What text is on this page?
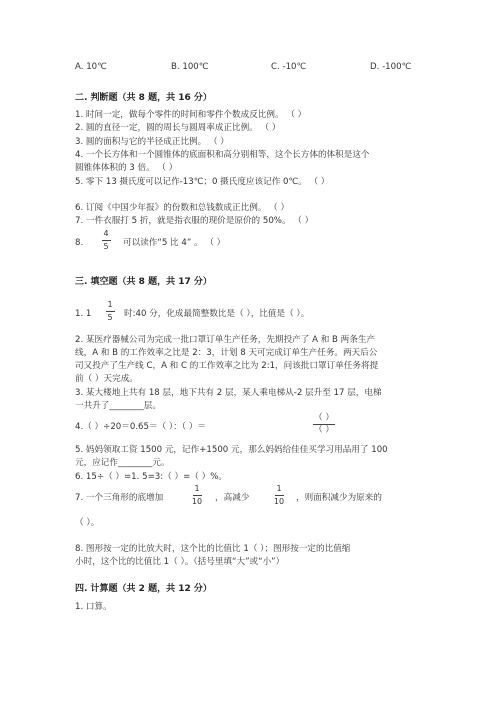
A. 10℃	B. 100℃	C. -10℃	D. -100℃
二. 判断题（共 8 题，共 16 分）
1. 时间一定，做每个零件的时间和零件个数成反比例。 （ ）
2. 圆的直径一定，圆的周长与圆周率成正比例。 （ ）
3. 圆的面积与它的半径成正比例。 （ ）
4. 一个长方体和一个圆锥体的底面积和高分别相等，这个长方体的体积是这个
圆锥体体积的 3 倍。 （ ）
5. 零下 13 摄氏度可以记作-13℃；0 摄氏度应该记作 0℃。 （ ）
6. 订阅《中国少年报》的份数和总钱数成正比例。 （ ）
7. 一件衣服打 5 折，就是指衣服的现价是原价的 50%。 （ ）
8.
4
5 可以读作“5 比 4” 。 （ ）
三. 填空题（共 8 题，共 17 分）
1. 1
1
5 时:40 分，化成最简整数比是（ ），比值是（ ）。
2. 某医疗器械公司为完成一批口罩订单生产任务，先期投产了 A 和 B 两条生产
线，A 和 B 的工作效率之比是 2：3，计划 8 天可完成订单生产任务。两天后公
司又投产了生产线 C，A 和 C 的工作效率之比为 2:1，问该批口罩订单任务将提
前（ ）天完成。
3. 某大楼地上共有 18 层，地下共有 2 层，某人乘电梯从-2 层升至 17 层，电梯
一共升了________层。
4.（ ）÷20＝0.65＝（ ）：（ ）＝
（ ）
（ ）
5. 妈妈领取工资 1500 元，记作+1500 元，那么妈妈给佳佳买学习用品用了 100
元，应记作________元。
6. 15÷（ ）=1. 5=3:（ ）=（ ）%。
7. 一个三角形的底增加
1
10 ，高减少
1
10 ，则面积减少为原来的
（ ）。
8. 图形按一定的比放大时，这个比的比值比 1（ ）；图形按一定的比值缩
小时，这个比的比值比 1（ ）。（括号里填“大”或“小”）
四. 计算题（共 2 题，共 12 分）
1. 口算。
